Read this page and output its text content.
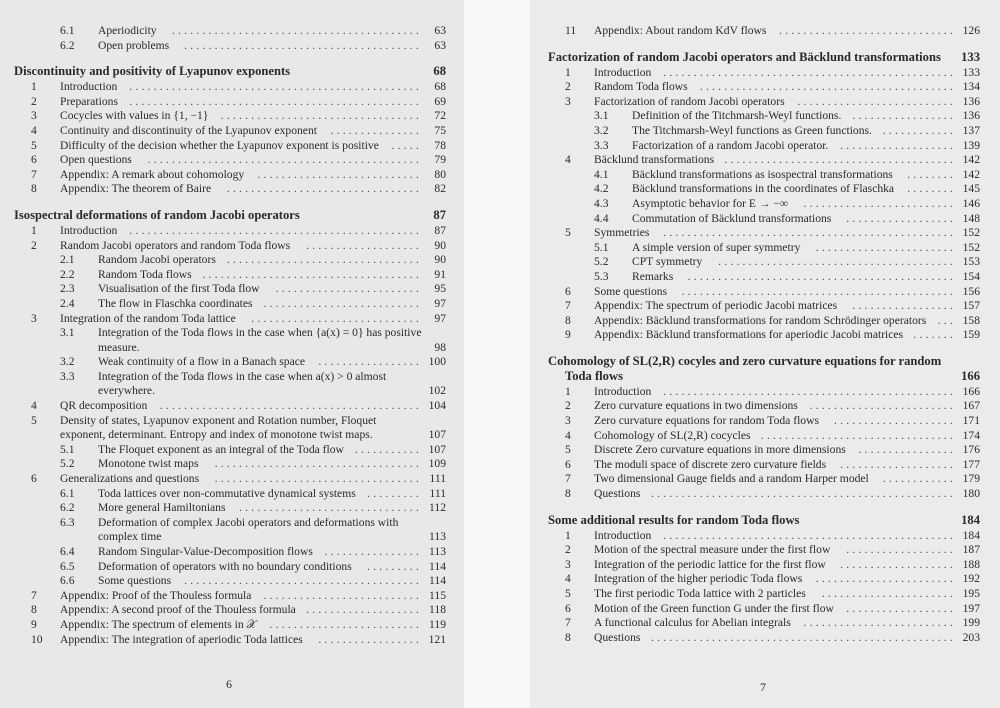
6.1	Aperiodicity	.........................................	63
6.2	Open problems	.......................................	63
Discontinuity and positivity of Lyapunov exponents	68
1	Introduction	................................................	68
2	Preparations ................................................	69
3	Cocycles with values in {1, −1}	.................................	72
4	Continuity and discontinuity of the Lyapunov exponent	...............	75
5	Difficulty of the decision whether the Lyapunov exponent is positive	.....	78
6	Open questions	.............................................	79
7	Appendix: A remark about cohomology	...........................	80
8	Appendix: The theorem of Baire	................................	82
Isospectral deformations of random Jacobi operators	87
1	Introduction	................................................	87
2	Random Jacobi operators and random Toda flows	...................	90
2.1	Random Jacobi operators ................................	90
2.2	Random Toda flows ....................................	91
2.3	Visualisation of the first Toda flow	........................	95
2.4	The flow in Flaschka coordinates ..........................	97
3	Integration of the random Toda lattice	............................	97
3.1	Integration of the Toda flows in the case when {a(x) = 0} has positive measure.	98
3.2	Weak continuity of a flow in a Banach space	................. 100
3.3	Integration of the Toda flows in the case when a(x) > 0 almost everywhere.	102
4	QR decomposition	........................................... 104
5	Density of states, Lyapunov exponent and Rotation number, Floquet exponent, determinant. Entropy and index of monotone twist maps.	107
5.1	The Floquet exponent as an integral of the Toda flow ........... 107
5.2	Monotone twist maps	.................................. 109
6	Generalizations and questions	.................................. 111
6.1	Toda lattices over non-commutative dynamical systems ......... 111
6.2	More general Hamiltonians	.............................. 112
6.3	Deformation of complex Jacobi operators and deformations with complex time	113
6.4	Random Singular-Value-Decomposition flows ................ 113
6.5	Deformation of operators with no boundary conditions	......... 114
6.6	Some questions	....................................... 114
7	Appendix: Proof of the Thouless formula	.......................... 115
8	Appendix: A second proof of the Thouless formula ................... 118
9	Appendix: The spectrum of elements in 𝒳	......................... 119
10	Appendix: The integration of aperiodic Toda lattices	................. 121
6
11	Appendix: About random KdV flows	............................. 126
Factorization of random Jacobi operators and Bäcklund transformations	133
1	Introduction	................................................ 133
2	Random Toda flows	.......................................... 134
3	Factorization of random Jacobi operators	.......................... 136
3.1	Definition of the Titchmarsh-Weyl functions. ................. 136
3.2	The Titchmarsh-Weyl functions as Green functions. ............ 137
3.3	Factorization of a random Jacobi operator.	................... 139
4	Bäcklund transformations ...................................... 142
4.1	Bäcklund transformations as isospectral transformations	........ 142
4.2	Bäcklund transformations in the coordinates of Flaschka	........ 145
4.3	Asymptotic behavior for E → −∞	......................... 146
4.4	Commutation of Bäcklund transformations	.................. 148
5	Symmetries	................................................ 152
5.1	A simple version of super symmetry	....................... 152
5.2	CPT symmetry	....................................... 153
5.3	Remarks	............................................ 154
6	Some questions	............................................. 156
7	Appendix: The spectrum of periodic Jacobi matrices	................. 157
8	Appendix: Bäcklund transformations for random Schrödinger operators ... 158
9	Appendix: Bäcklund transformations for aperiodic Jacobi matrices ....... 159
Cohomology of SL(2,R) cocyles and zero curvature equations for random Toda flows	166
1	Introduction	................................................ 166
2	Zero curvature equations in two dimensions	........................ 167
3	Zero curvature equations for random Toda flows	.................... 171
4	Cohomology of SL(2,R) cocycles ................................ 174
5	Discrete Zero curvature equations in more dimensions	................ 176
6	The moduli space of discrete zero curvature fields	................... 177
7	Two dimensional Gauge fields and a random Harper model	............ 179
8	Questions .................................................. 180
Some additional results for random Toda flows	184
1	Introduction	................................................ 184
2	Motion of the spectral measure under the first flow	.................. 187
3	Integration of the periodic lattice for the first flow	................... 188
4	Integration of the higher periodic Toda flows	....................... 192
5	The first periodic Toda lattice with 2 particles	...................... 195
6	Motion of the Green function G under the first flow	.................. 197
7	A functional calculus for Abelian integrals	......................... 199
8	Questions .................................................. 203
7
